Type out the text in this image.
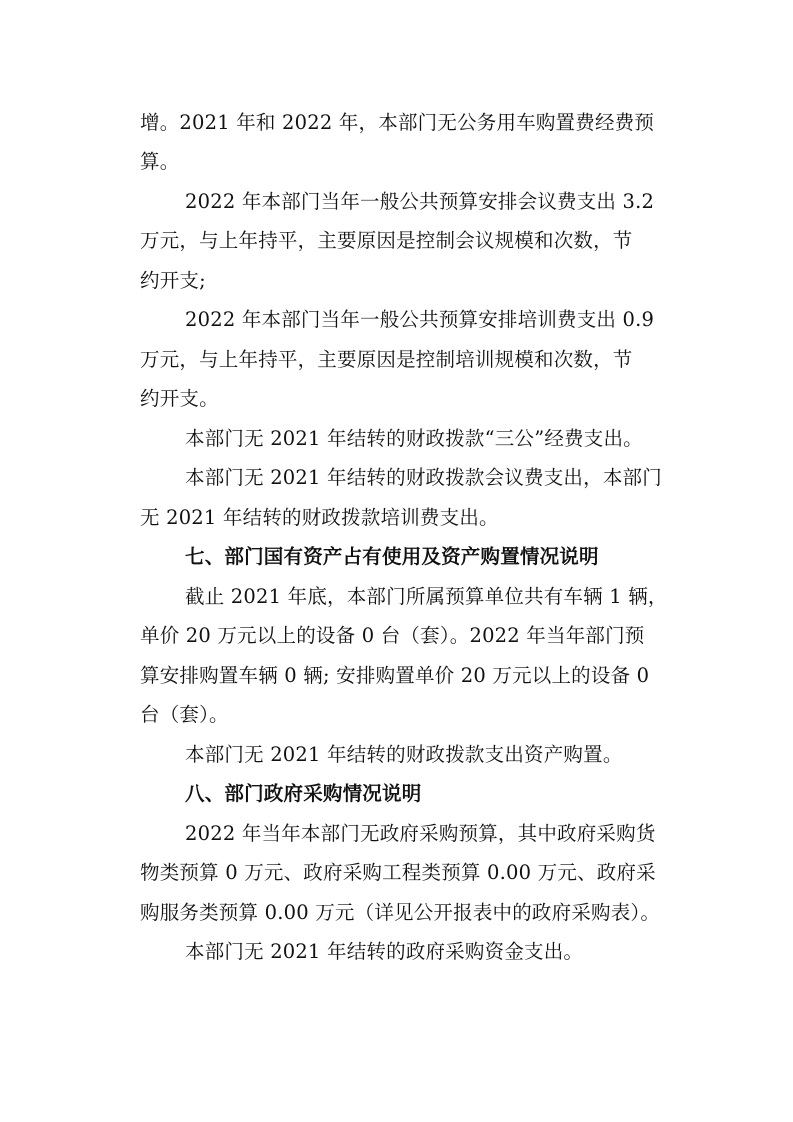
增。2021 年和 2022 年，本部门无公务用车购置费经费预
算。
2022 年本部门当年一般公共预算安排会议费支出 3.2
万元，与上年持平，主要原因是控制会议规模和次数，节
约开支;
2022 年本部门当年一般公共预算安排培训费支出 0.9
万元，与上年持平，主要原因是控制培训规模和次数，节
约开支。
本部门无 2021 年结转的财政拨款“三公”经费支出。
本部门无 2021 年结转的财政拨款会议费支出，本部门
无 2021 年结转的财政拨款培训费支出。
七、部门国有资产占有使用及资产购置情况说明
截止 2021 年底，本部门所属预算单位共有车辆 1 辆，
单价 20 万元以上的设备 0 台（套）。2022 年当年部门预
算安排购置车辆 0 辆; 安排购置单价 20 万元以上的设备 0
台（套）。
本部门无 2021 年结转的财政拨款支出资产购置。
八、部门政府采购情况说明
2022 年当年本部门无政府采购预算，其中政府采购货
物类预算 0 万元、政府采购工程类预算 0.00 万元、政府采
购服务类预算 0.00 万元（详见公开报表中的政府采购表）。
本部门无 2021 年结转的政府采购资金支出。
